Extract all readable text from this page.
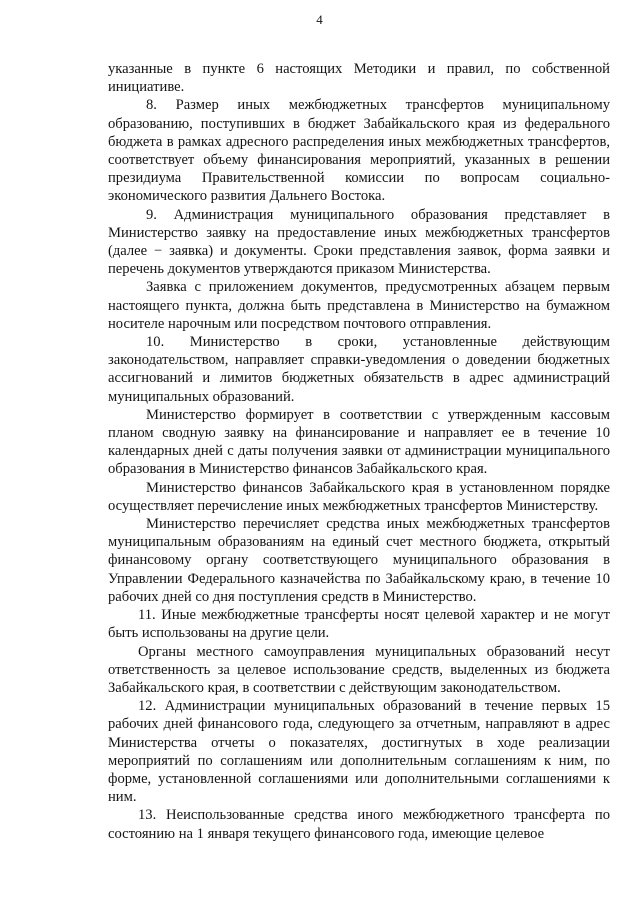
4

указанные в пункте 6 настоящих Методики и правил, по собственной инициативе.

8. Размер иных межбюджетных трансфертов муниципальному образованию, поступивших в бюджет Забайкальского края из федерального бюджета в рамках адресного распределения иных межбюджетных трансфертов, соответствует объему финансирования мероприятий, указанных в решении президиума Правительственной комиссии по вопросам социально-экономического развития Дальнего Востока.

9. Администрация муниципального образования представляет в Министерство заявку на предоставление иных межбюджетных трансфертов (далее − заявка) и документы. Сроки представления заявок, форма заявки и перечень документов утверждаются приказом Министерства.

Заявка с приложением документов, предусмотренных абзацем первым настоящего пункта, должна быть представлена в Министерство на бумажном носителе нарочным или посредством почтового отправления.

10. Министерство в сроки, установленные действующим законодательством, направляет справки-уведомления о доведении бюджетных ассигнований и лимитов бюджетных обязательств в адрес администраций муниципальных образований.

Министерство формирует в соответствии с утвержденным кассовым планом сводную заявку на финансирование и направляет ее в течение 10 календарных дней с даты получения заявки от администрации муниципального образования в Министерство финансов Забайкальского края.

Министерство финансов Забайкальского края в установленном порядке осуществляет перечисление иных межбюджетных трансфертов Министерству.

Министерство перечисляет средства иных межбюджетных трансфертов муниципальным образованиям на единый счет местного бюджета, открытый финансовому органу соответствующего муниципального образования в Управлении Федерального казначейства по Забайкальскому краю, в течение 10 рабочих дней со дня поступления средств в Министерство.

11. Иные межбюджетные трансферты носят целевой характер и не могут быть использованы на другие цели.

Органы местного самоуправления муниципальных образований несут ответственность за целевое использование средств, выделенных из бюджета Забайкальского края, в соответствии с действующим законодательством.

12. Администрации муниципальных образований в течение первых 15 рабочих дней финансового года, следующего за отчетным, направляют в адрес Министерства отчеты о показателях, достигнутых в ходе реализации мероприятий по соглашениям или дополнительным соглашениям к ним, по форме, установленной соглашениями или дополнительными соглашениями к ним.

13. Неиспользованные средства иного межбюджетного трансферта по состоянию на 1 января текущего финансового года, имеющие целевое
